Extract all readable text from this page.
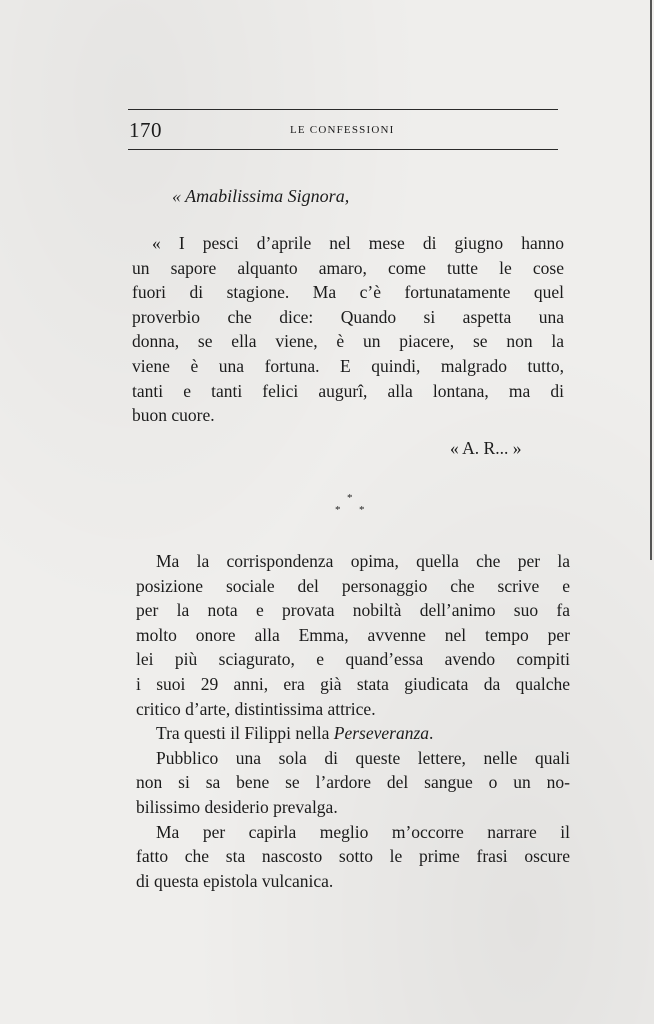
170	LE CONFESSIONI
« Amabilissima Signora,
« I pesci d’aprile nel mese di giugno hanno
un sapore alquanto amaro, come tutte le cose
fuori di stagione. Ma c’è fortunatamente quel
proverbio che dice: Quando si aspetta una
donna, se ella viene, è un piacere, se non la
viene è una fortuna. E quindi, malgrado tutto,
tanti e tanti felici augurî, alla lontana, ma di
buon cuore.
« A. R... »
*
* *
Ma la corrispondenza opima, quella che per la
posizione sociale del personaggio che scrive e
per la nota e provata nobiltà dell’animo suo fa
molto onore alla Emma, avvenne nel tempo per
lei più sciagurato, e quand’essa avendo compiti
i suoi 29 anni, era già stata giudicata da qualche
critico d’arte, distintissima attrice.
Tra questi il Filippi nella Perseveranza.
Pubblico una sola di queste lettere, nelle quali
non si sa bene se l’ardore del sangue o un no-
bilissimo desiderio prevalga.
Ma per capirla meglio m’occorre narrare il
fatto che sta nascosto sotto le prime frasi oscure
di questa epistola vulcanica.
